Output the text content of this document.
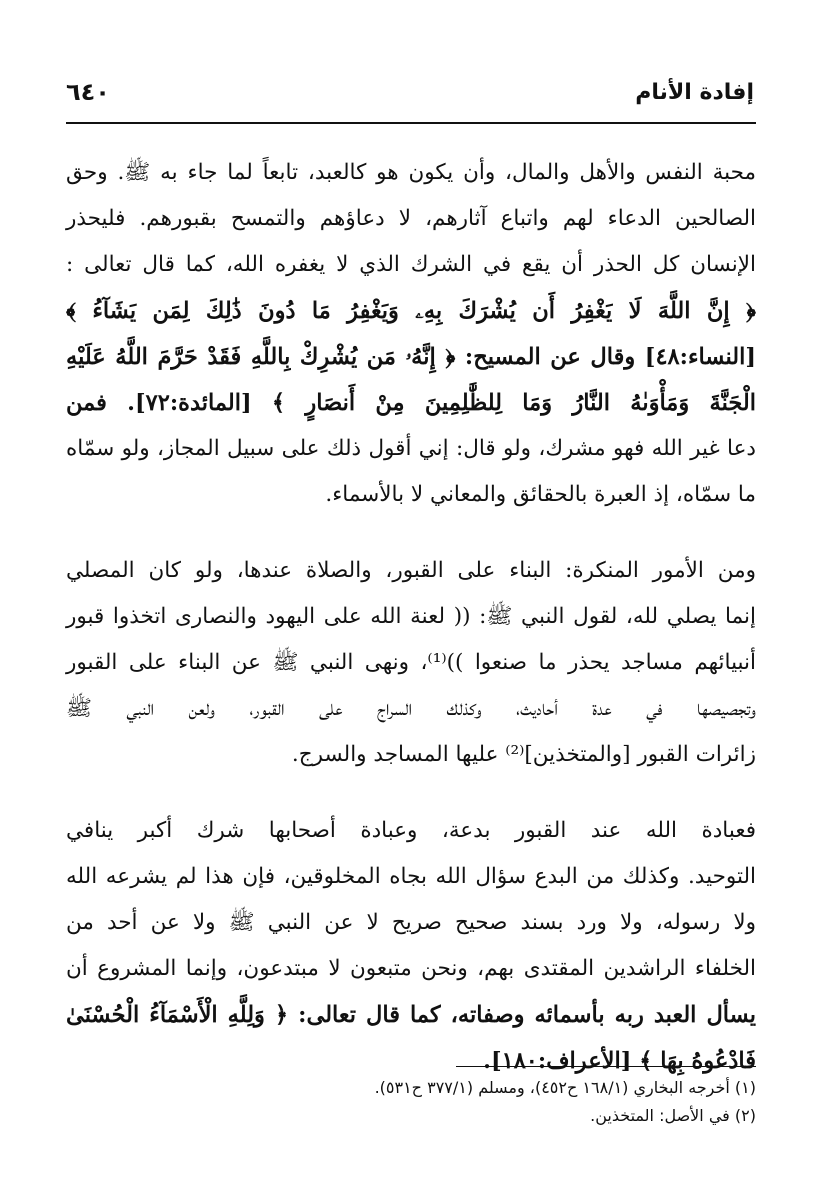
إفادة الأنام
٦٤٠
محبة النفس والأهل والمال، وأن يكون هو كالعبد، تابعاً لما جاء به ﷺ. وحق
الصالحين الدعاء لهم واتباع آثارهم، لا دعاؤهم والتمسح بقبورهم. فليحذر
الإنسان كل الحذر أن يقع في الشرك الذي لا يغفره الله، كما قال تعالى :
﴿ إِنَّ اللَّهَ لَا يَغْفِرُ أَن يُشْرَكَ بِهِۦ وَيَغْفِرُ مَا دُونَ ذَٰلِكَ لِمَن يَشَآءُ ﴾
[النساء:٤٨] وقال عن المسيح: ﴿ إِنَّهُۥ مَن يُشْرِكْ بِاللَّهِ فَقَدْ حَرَّمَ اللَّهُ عَلَيْهِ
الْجَنَّةَ وَمَأْوَىٰهُ النَّارُ وَمَا لِلظَّٰلِمِينَ مِنْ أَنصَارٍ ﴾ [المائدة:٧٢]. فمن
دعا غير الله فهو مشرك، ولو قال: إني أقول ذلك على سبيل المجاز، ولو سمّاه
ما سمّاه، إذ العبرة بالحقائق والمعاني لا بالأسماء.
ومن الأمور المنكرة: البناء على القبور، والصلاة عندها، ولو كان المصلي
إنما يصلي لله، لقول النبي ﷺ: (( لعنة الله على اليهود والنصارى اتخذوا قبور
أنبيائهم مساجد يحذر ما صنعوا ))⁽¹⁾، ونهى النبي ﷺ عن البناء على القبور
وتجصيصها في عدة أحاديث، وكذلك السراج على القبور، ولعن النبي ﷺ
زائرات القبور [والمتخذين]⁽²⁾ عليها المساجد والسرج.
فعبادة الله عند القبور بدعة، وعبادة أصحابها شرك أكبر ينافي
التوحيد. وكذلك من البدع سؤال الله بجاه المخلوقين، فإن هذا لم يشرعه الله
ولا رسوله، ولا ورد بسند صحيح صريح لا عن النبي ﷺ ولا عن أحد من
الخلفاء الراشدين المقتدى بهم، ونحن متبعون لا مبتدعون، وإنما المشروع أن
يسأل العبد ربه بأسمائه وصفاته، كما قال تعالى: ﴿ وَلِلَّهِ الْأَسْمَآءُ الْحُسْنَىٰ
فَادْعُوهُ بِهَا ﴾ [الأعراف:١٨٠].
(١) أخرجه البخاري (١٦٨/١ ح٤٥٢)، ومسلم (٣٧٧/١ ح٥٣١).
(٢) في الأصل: المتخذين.
